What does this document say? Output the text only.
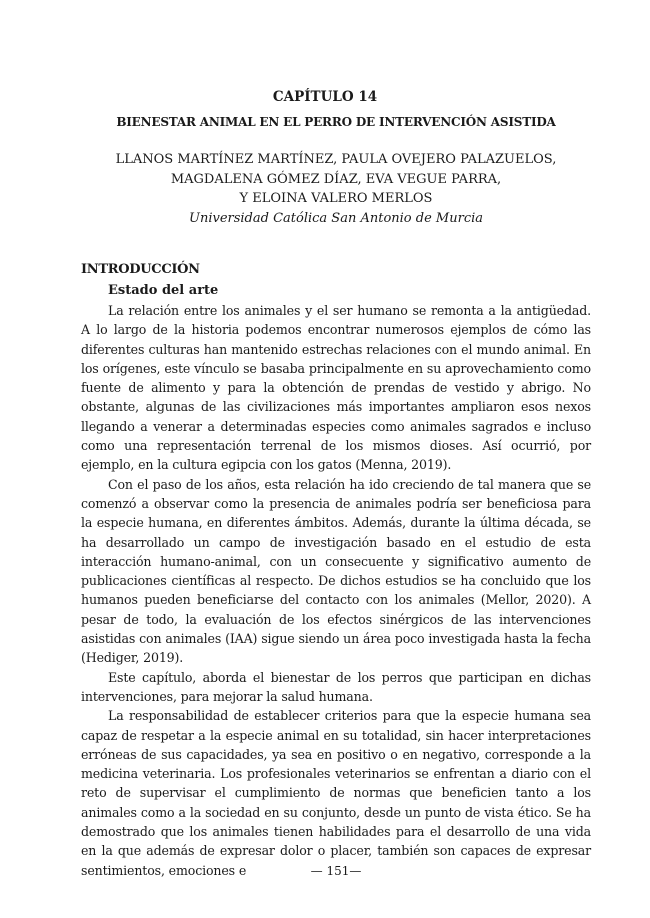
CAPÍTULO 14
BIENESTAR ANIMAL EN EL PERRO DE INTERVENCIÓN ASISTIDA
LLANOS MARTÍNEZ MARTÍNEZ, PAULA OVEJERO PALAZUELOS,
MAGDALENA GÓMEZ DÍAZ, EVA VEGUE PARRA,
Y ELOINA VALERO MERLOS
Universidad Católica San Antonio de Murcia
INTRODUCCIÓN
Estado del arte

La relación entre los animales y el ser humano se remonta a la antigüedad. A lo largo de la historia podemos encontrar numerosos ejemplos de cómo las diferentes culturas han mantenido estrechas relaciones con el mundo animal. En los orígenes, este vínculo se basaba principalmente en su aprovechamiento como fuente de alimento y para la obtención de prendas de vestido y abrigo. No obstante, algunas de las civilizaciones más importantes ampliaron esos nexos llegando a venerar a determinadas especies como animales sagrados e incluso como una representación terrenal de los mismos dioses. Así ocurrió, por ejemplo, en la cultura egipcia con los gatos (Menna, 2019).

Con el paso de los años, esta relación ha ido creciendo de tal manera que se comenzó a observar como la presencia de animales podría ser beneficiosa para la especie humana, en diferentes ámbitos. Además, durante la última década, se ha desarrollado un campo de investigación basado en el estudio de esta interacción humano-animal, con un consecuente y significativo aumento de publicaciones científicas al respecto. De dichos estudios se ha concluido que los humanos pueden beneficiarse del contacto con los animales (Mellor, 2020). A pesar de todo, la evaluación de los efectos sinérgicos de las intervenciones asistidas con animales (IAA) sigue siendo un área poco investigada hasta la fecha (Hediger, 2019).

Este capítulo, aborda el bienestar de los perros que participan en dichas intervenciones, para mejorar la salud humana.

La responsabilidad de establecer criterios para que la especie humana sea capaz de respetar a la especie animal en su totalidad, sin hacer interpretaciones erróneas de sus capacidades, ya sea en positivo o en negativo, corresponde a la medicina veterinaria. Los profesionales veterinarios se enfrentan a diario con el reto de supervisar el cumplimiento de normas que beneficien tanto a los animales como a la sociedad en su conjunto, desde un punto de vista ético. Se ha demostrado que los animales tienen habilidades para el desarrollo de una vida en la que además de expresar dolor o placer, también son capaces de expresar sentimientos, emociones e	— 151—
